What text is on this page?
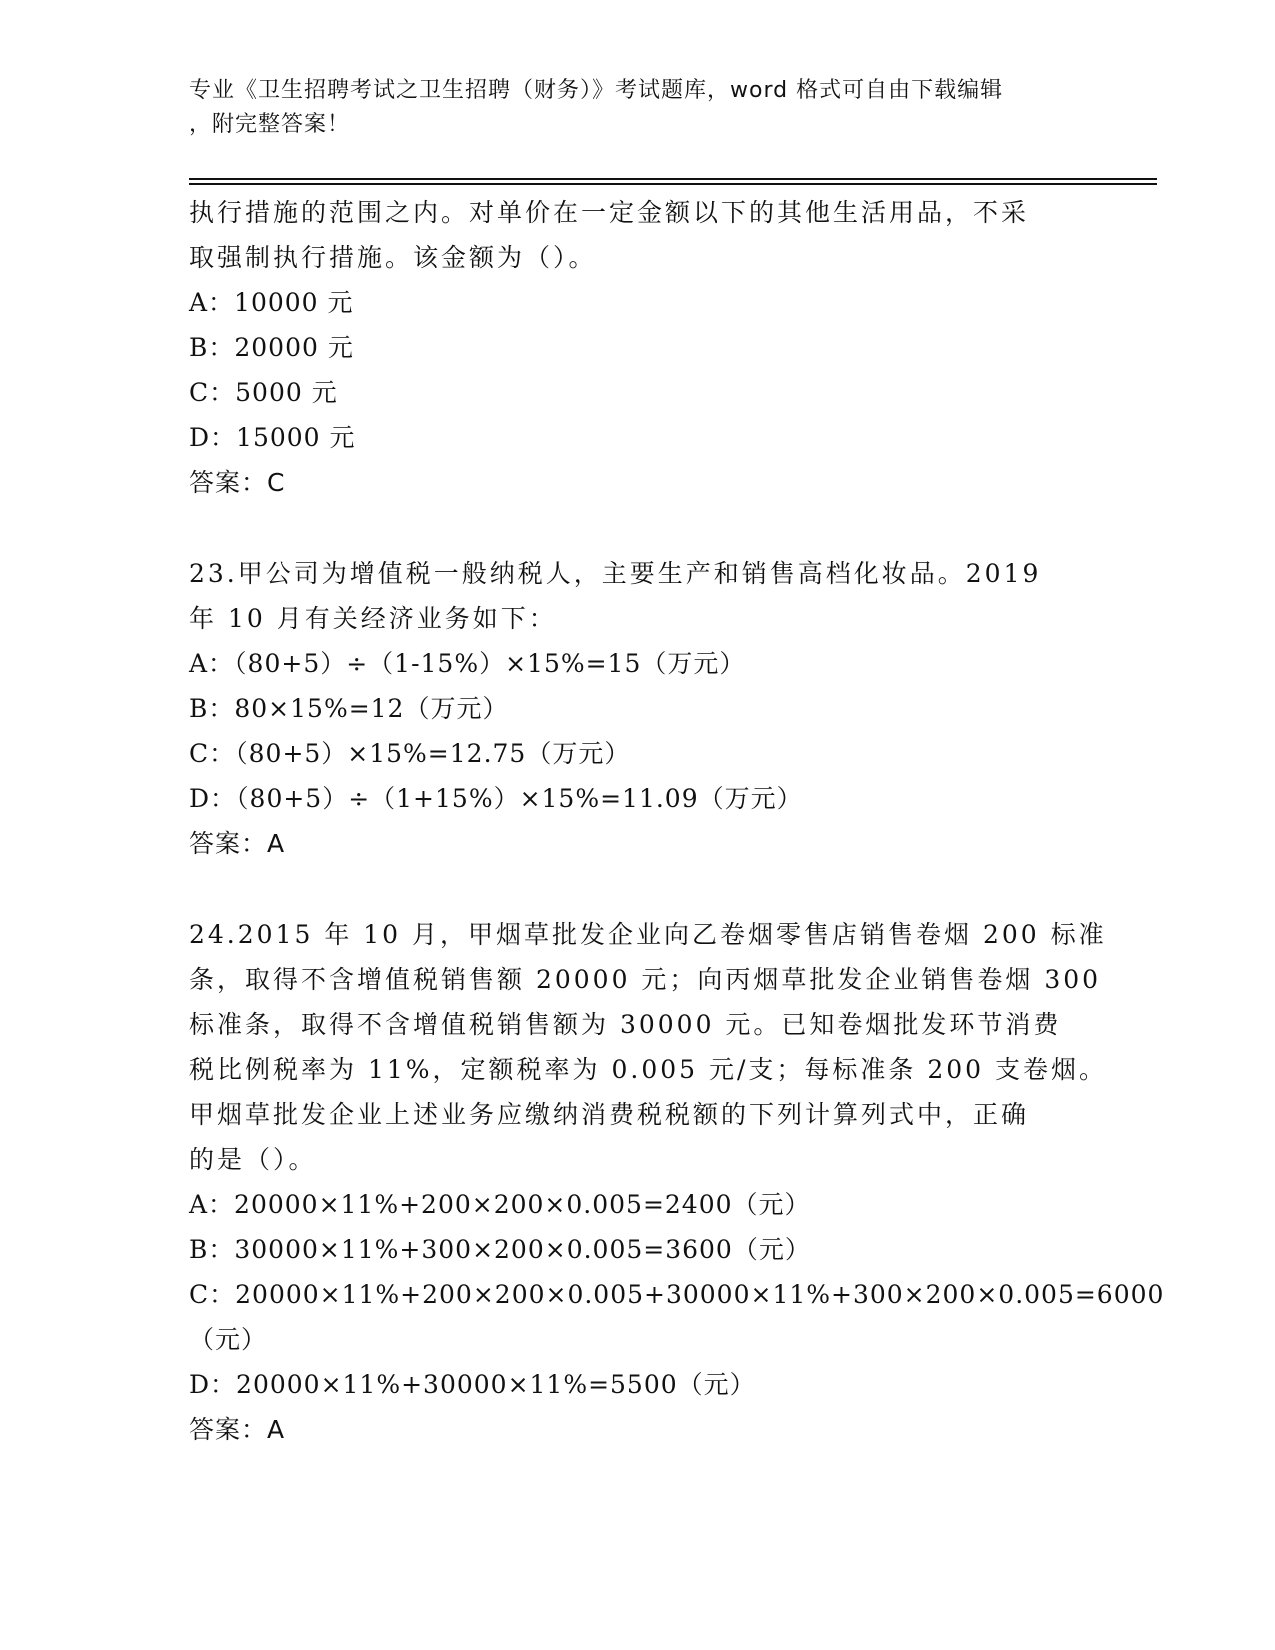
专业《卫生招聘考试之卫生招聘（财务）》考试题库，word 格式可自由下载编辑
，附完整答案！
执行措施的范围之内。对单价在一定金额以下的其他生活用品，不采
取强制执行措施。该金额为（）。
A：10000 元
B：20000 元
C：5000 元
D：15000 元
答案：C
23.甲公司为增值税一般纳税人，主要生产和销售高档化妆品。2019
年 10 月有关经济业务如下：
A：（80+5）÷（1-15%）×15%=15（万元）
B：80×15%=12（万元）
C：（80+5）×15%=12.75（万元）
D：（80+5）÷（1+15%）×15%=11.09（万元）
答案：A
24.2015 年 10 月，甲烟草批发企业向乙卷烟零售店销售卷烟 200 标准
条，取得不含增值税销售额 20000 元；向丙烟草批发企业销售卷烟 300
标准条，取得不含增值税销售额为 30000 元。已知卷烟批发环节消费
税比例税率为 11%，定额税率为 0.005 元/支；每标准条 200 支卷烟。
甲烟草批发企业上述业务应缴纳消费税税额的下列计算列式中，正确
的是（）。
A：20000×11%+200×200×0.005=2400（元）
B：30000×11%+300×200×0.005=3600（元）
C：20000×11%+200×200×0.005+30000×11%+300×200×0.005=6000
（元）
D：20000×11%+30000×11%=5500（元）
答案：A
